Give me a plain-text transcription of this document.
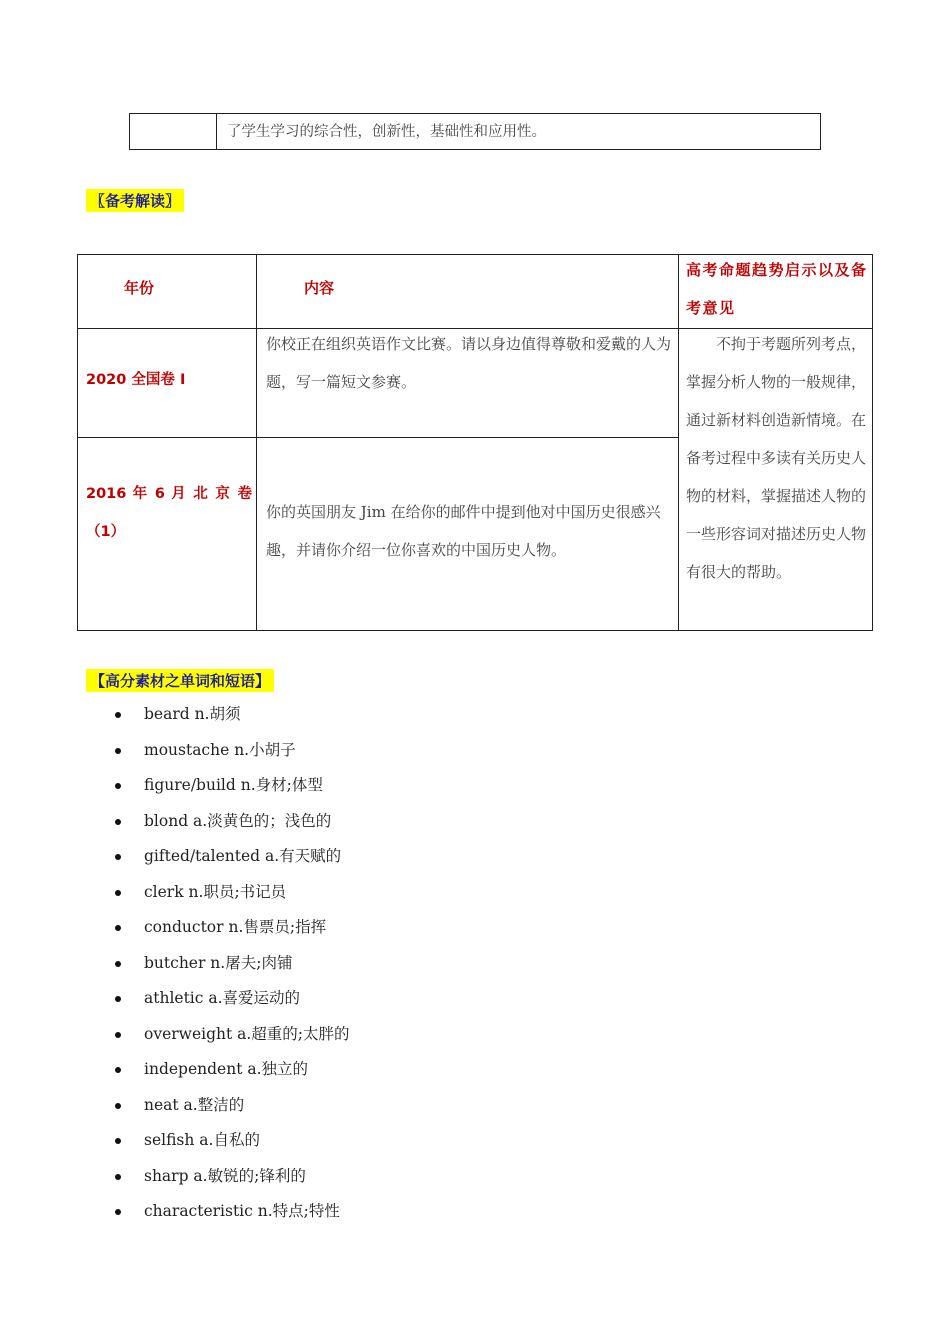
了学生学习的综合性，创新性，基础性和应用性。
〖备考解读〗
年份	内容
高考命题趋势启示以及备考意见
2020 全国卷 I
你校正在组织英语作文比赛。请以身边值得尊敬和爱戴的人为题，写一篇短文参赛。
2016 年 6 月 北 京 卷（1）
你的英国朋友 Jim 在给你的邮件中提到他对中国历史很感兴趣，并请你介绍一位你喜欢的中国历史人物。
不拘于考题所列考点，掌握分析人物的一般规律，通过新材料创造新情境。在备考过程中多读有关历史人物的材料，掌握描述人物的一些形容词对描述历史人物有很大的帮助。
【高分素材之单词和短语】
beard n.胡须
moustache n.小胡子
figure/build n.身材;体型
blond a.淡黄色的；浅色的
gifted/talented a.有天赋的
clerk n.职员;书记员
conductor n.售票员;指挥
butcher n.屠夫;肉铺
athletic a.喜爱运动的
overweight a.超重的;太胖的
independent a.独立的
neat a.整洁的
selfish a.自私的
sharp a.敏锐的;锋利的
characteristic n.特点;特性
